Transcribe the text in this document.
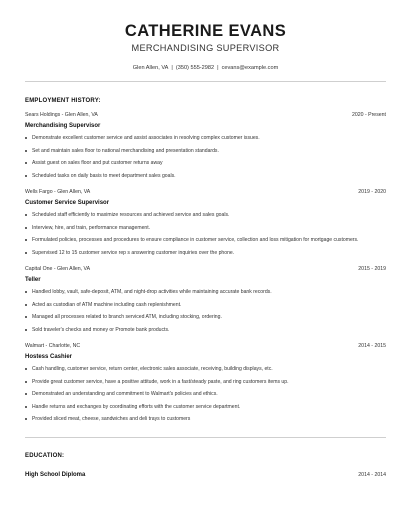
CATHERINE EVANS
MERCHANDISING SUPERVISOR
Glen Allen, VA | (350) 555-2982 | cevans@example.com
EMPLOYMENT HISTORY:
Sears Holdings - Glen Allen, VA	2020 - Present
Merchandising Supervisor
Demonstrate excellent customer service and assist associates in resolving complex customer issues.
Set and maintain sales floor to national merchandising and presentation standards.
Assist guest on sales floor and put customer returns away
Scheduled tasks on daily basis to meet department sales goals.
Wells Fargo - Glen Allen, VA	2019 - 2020
Customer Service Supervisor
Scheduled staff efficiently to maximize resources and achieved service and sales goals.
Interview, hire, and train, performance management.
Formulated policies, processes and procedures to ensure compliance in customer service, collection and loss mitigation for mortgage customers.
Supervised 12 to 15 customer service rep s answering customer inquiries over the phone.
Capital One - Glen Allen, VA	2015 - 2019
Teller
Handled lobby, vault, safe-deposit, ATM, and night-drop activities while maintaining accurate bank records.
Acted as custodian of ATM machine including cash replenishment.
Managed all processes related to branch serviced ATM, including stocking, ordering.
Sold traveler's checks and money or Promote bank products.
Walmart - Charlotte, NC	2014 - 2015
Hostess Cashier
Cash handling, customer service, return center, electronic sales associate, receiving, building displays, etc.
Provide great customer service, have a positive attitude, work in a fast/steady paste, and ring customers items up.
Demonstrated an understanding and commitment to Walmart's policies and ethics.
Handle returns and exchanges by coordinating efforts with the customer service department.
Provided sliced meat, cheese, sandwiches and deli trays to customers
EDUCATION:
High School Diploma	2014 - 2014
